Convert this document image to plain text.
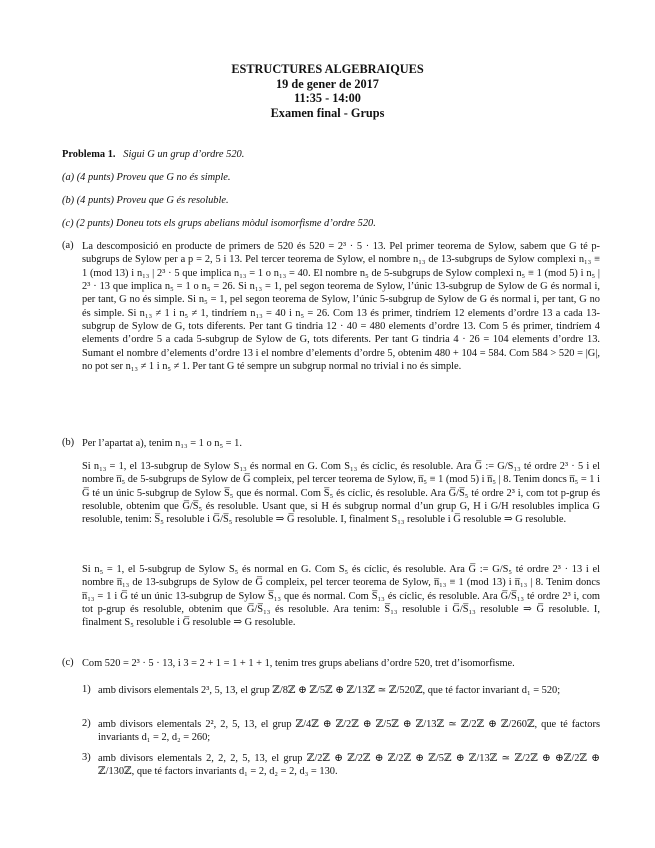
ESTRUCTURES ALGEBRAIQUES
19 de gener de 2017
11:35 - 14:00
Examen final - Grups
Problema 1. Sigui G un grup d’ordre 520.
(a) (4 punts) Proveu que G no és simple.
(b) (4 punts) Proveu que G és resoluble.
(c) (2 punts) Doneu tots els grups abelians mòdul isomorfisme d’ordre 520.
(a) La descomposició en producte de primers de 520 és 520 = 2³ · 5 · 13. Pel primer teorema de Sylow, sabem que G té p-subgrups de Sylow per a p = 2, 5 i 13. Pel tercer teorema de Sylow, el nombre n₁₃ de 13-subgrups de Sylow complexi n₁₃ ≡ 1 (mod 13) i n₁₃ | 2³ · 5 que implica n₁₃ = 1 o n₁₃ = 40. El nombre n₅ de 5-subgrups de Sylow complexi n₅ ≡ 1 (mod 5) i n₅ | 2³ · 13 que implica n₅ = 1 o n₅ = 26. Si n₁₃ = 1, pel segon teorema de Sylow, l’únic 13-subgrup de Sylow de G és normal i, per tant, G no és simple. Si n₅ = 1, pel segon teorema de Sylow, l’únic 5-subgrup de Sylow de G és normal i, per tant, G no és simple. Si n₁₃ ≠ 1 i n₅ ≠ 1, tindríem n₁₃ = 40 i n₅ = 26. Com 13 és primer, tindríem 12 elements d’ordre 13 a cada 13-subgrup de Sylow de G, tots diferents. Per tant G tindria 12 · 40 = 480 elements d’ordre 13. Com 5 és primer, tindríem 4 elements d’ordre 5 a cada 5-subgrup de Sylow de G, tots diferents. Per tant G tindria 4 · 26 = 104 elements d’ordre 13. Sumant el nombre d’elements d’ordre 13 i el nombre d’elements d’ordre 5, obtenim 480 + 104 = 584. Com 584 > 520 = |G|, no pot ser n₁₃ ≠ 1 i n₅ ≠ 1. Per tant G té sempre un subgrup normal no trivial i no és simple.
(b) Per l’apartat a), tenim n₁₃ = 1 o n₅ = 1.
Si n₁₃ = 1, el 13-subgrup de Sylow S₁₃ és normal en G. Com S₁₃ és cíclic, és resoluble. Ara G̅ := G/S₁₃ té ordre 2³ · 5 i el nombre n̅₅ de 5-subgrups de Sylow de G̅ compleix, pel tercer teorema de Sylow, n̅₅ ≡ 1 (mod 5) i n̅₅ | 8. Tenim doncs n̅₅ = 1 i G̅ té un únic 5-subgrup de Sylow S̅₅ que és normal. Com S̅₅ és cíclic, és resoluble. Ara G̅/S̅₅ té ordre 2³ i, com tot p-grup és resoluble, obtenim que G̅/S̅₅ és resoluble. Usant que, si H és subgrup normal d’un grup G, H i G/H resolubles implica G resoluble, tenim: S̅₅ resoluble i G̅/S̅₅ resoluble ⇒ G̅ resoluble. I, finalment S₁₃ resoluble i G̅ resoluble ⇒ G resoluble.
Si n₅ = 1, el 5-subgrup de Sylow S₅ és normal en G. Com S₅ és cíclic, és resoluble. Ara G̅ := G/S₅ té ordre 2³ · 13 i el nombre n̅₁₃ de 13-subgrups de Sylow de G̅ compleix, pel tercer teorema de Sylow, n̅₁₃ ≡ 1 (mod 13) i n̅₁₃ | 8. Tenim doncs n̅₁₃ = 1 i G̅ té un únic 13-subgrup de Sylow S̅₁₃ que és normal. Com S̅₁₃ és cíclic, és resoluble. Ara G̅/S̅₁₃ té ordre 2³ i, com tot p-grup és resoluble, obtenim que G̅/S̅₁₃ és resoluble. Ara tenim: S̅₁₃ resoluble i G̅/S̅₁₃ resoluble ⇒ G̅ resoluble. I, finalment S₅ resoluble i G̅ resoluble ⇒ G resoluble.
(c) Com 520 = 2³ · 5 · 13, i 3 = 2 + 1 = 1 + 1 + 1, tenim tres grups abelians d’ordre 520, tret d’isomorfisme.
1) amb divisors elementals 2³, 5, 13, el grup ℤ/8ℤ ⊕ ℤ/5ℤ ⊕ ℤ/13ℤ ≃ ℤ/520ℤ, que té factor invariant d₁ = 520;
2) amb divisors elementals 2², 2, 5, 13, el grup ℤ/4ℤ ⊕ ℤ/2ℤ ⊕ ℤ/5ℤ ⊕ ℤ/13ℤ ≃ ℤ/2ℤ ⊕ ℤ/260ℤ, que té factors invariants d₁ = 2, d₂ = 260;
3) amb divisors elementals 2, 2, 2, 5, 13, el grup ℤ/2ℤ ⊕ ℤ/2ℤ ⊕ ℤ/2ℤ ⊕ ℤ/5ℤ ⊕ ℤ/13ℤ ≃ ℤ/2ℤ ⊕ ⊕ℤ/2ℤ ⊕ ℤ/130ℤ, que té factors invariants d₁ = 2, d₂ = 2, d₃ = 130.
